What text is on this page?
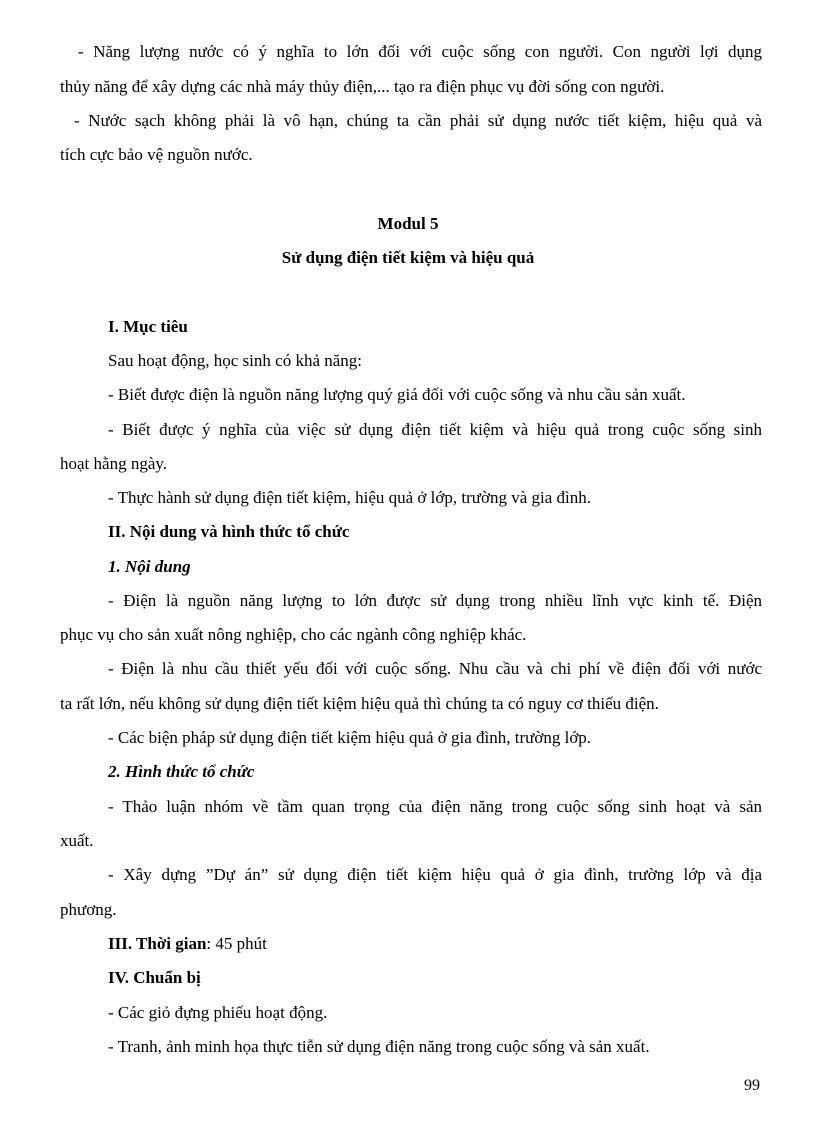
- Năng lượng nước có ý nghĩa to lớn đối với cuộc sống con người. Con người lợi dụng
thủy năng để xây dựng các nhà máy thủy điện,... tạo ra điện phục vụ đời sống con người.
- Nước sạch không phải là vô hạn, chúng ta cần phải sử dụng nước tiết kiệm, hiệu quả và
tích cực bảo vệ nguồn nước.
Modul 5
Sử dụng điện tiết kiệm và hiệu quả
I. Mục tiêu
Sau hoạt động, học sinh có khả năng:
- Biết được điện là nguồn năng lượng quý giá đối với cuộc sống và nhu cầu sản xuất.
- Biết được ý nghĩa của việc sử dụng điện tiết kiệm và hiệu quả trong cuộc sống sinh
hoạt hằng ngày.
- Thực hành sử dụng điện tiết kiệm, hiệu quả ở lớp, trường và gia đình.
II. Nội dung và hình thức tổ chức
1. Nội dung
- Điện là nguồn năng lượng to lớn được sử dụng trong nhiều lĩnh vực kinh tế. Điện
phục vụ cho sản xuất nông nghiệp, cho các ngành công nghiệp khác.
- Điện là nhu cầu thiết yếu đối với cuộc sống. Nhu cầu và chi phí về điện đối với nước
ta rất lớn, nếu không sử dụng điện tiết kiệm hiệu quả thì chúng ta có nguy cơ thiếu điện.
- Các biện pháp sử dụng điện tiết kiệm hiệu quả ở gia đình, trường lớp.
2. Hình thức tổ chức
- Thảo luận nhóm về tầm quan trọng của điện năng trong cuộc sống sinh hoạt và sản
xuất.
- Xây dựng ”Dự án” sử dụng điện tiết kiệm hiệu quả ở gia đình, trường lớp và địa
phương.
III. Thời gian: 45 phút
IV. Chuẩn bị
- Các giỏ đựng phiếu hoạt động.
- Tranh, ảnh minh họa thực tiễn sử dụng điện năng trong cuộc sống và sản xuất.
99
